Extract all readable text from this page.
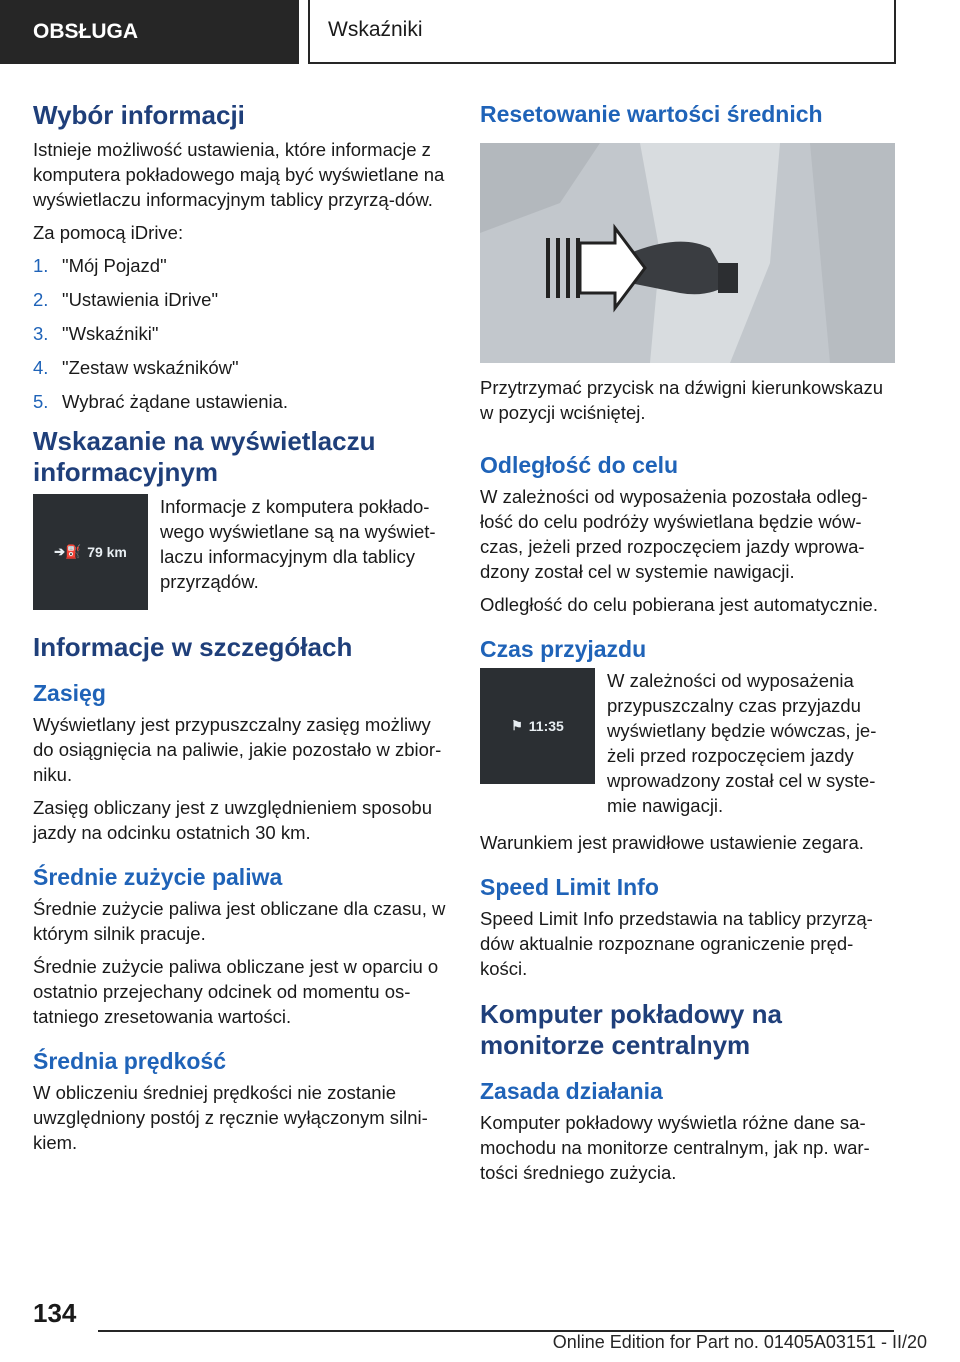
OBSŁUGA	Wskaźniki
Wybór informacji

Istnieje możliwość ustawienia, które informacje z komputera pokładowego mają być wyświetlane na wyświetlaczu informacyjnym tablicy przyrzą‐dów.

Za pomocą iDrive:

1. "Mój Pojazd"
2. "Ustawienia iDrive"
3. "Wskaźniki"
4. "Zestaw wskaźników"
5. Wybrać żądane ustawienia.
Wskazanie na wyświetlaczu informacyjnym
➔⛽ 79 km

Informacje z komputera pokłado‐wego wyświetlane są na wyświet‐laczu informacyjnym dla tablicy przyrządów.

Informacje w szczegółach
Zasięg

Wyświetlany jest przypuszczalny zasięg możliwy do osiągnięcia na paliwie, jakie pozostało w zbior‐niku.

Zasięg obliczany jest z uwzględnieniem sposobu jazdy na odcinku ostatnich 30 km.

Średnie zużycie paliwa

Średnie zużycie paliwa jest obliczane dla czasu, w którym silnik pracuje.

Średnie zużycie paliwa obliczane jest w oparciu o ostatnio przejechany odcinek od momentu os‐tatniego zresetowania wartości.

Średnia prędkość

W obliczeniu średniej prędkości nie zostanie uwzględniony postój z ręcznie wyłączonym silni‐kiem.

Resetowanie wartości średnich

Przytrzymać przycisk na dźwigni kierunkowskazu w pozycji wciśniętej.

Odległość do celu

W zależności od wyposażenia pozostała odleg‐łość do celu podróży wyświetlana będzie wów‐czas, jeżeli przed rozpoczęciem jazdy wprowa‐dzony został cel w systemie nawigacji.

Odległość do celu pobierana jest automatycznie.

Czas przyjazdu
⚑ 11:35

W zależności od wyposażenia przypuszczalny czas przyjazdu wyświetlany będzie wówczas, je‐żeli przed rozpoczęciem jazdy wprowadzony został cel w syste‐mie nawigacji.

Warunkiem jest prawidłowe ustawienie zegara.

Speed Limit Info

Speed Limit Info przedstawia na tablicy przyrzą‐dów aktualnie rozpoznane ograniczenie pręd‐kości.

Komputer pokładowy na monitorze centralnym
Zasada działania

Komputer pokładowy wyświetla różne dane sa‐mochodu na monitorze centralnym, jak np. war‐tości średniego zużycia.

134
Online Edition for Part no. 01405A03151 - II/20
